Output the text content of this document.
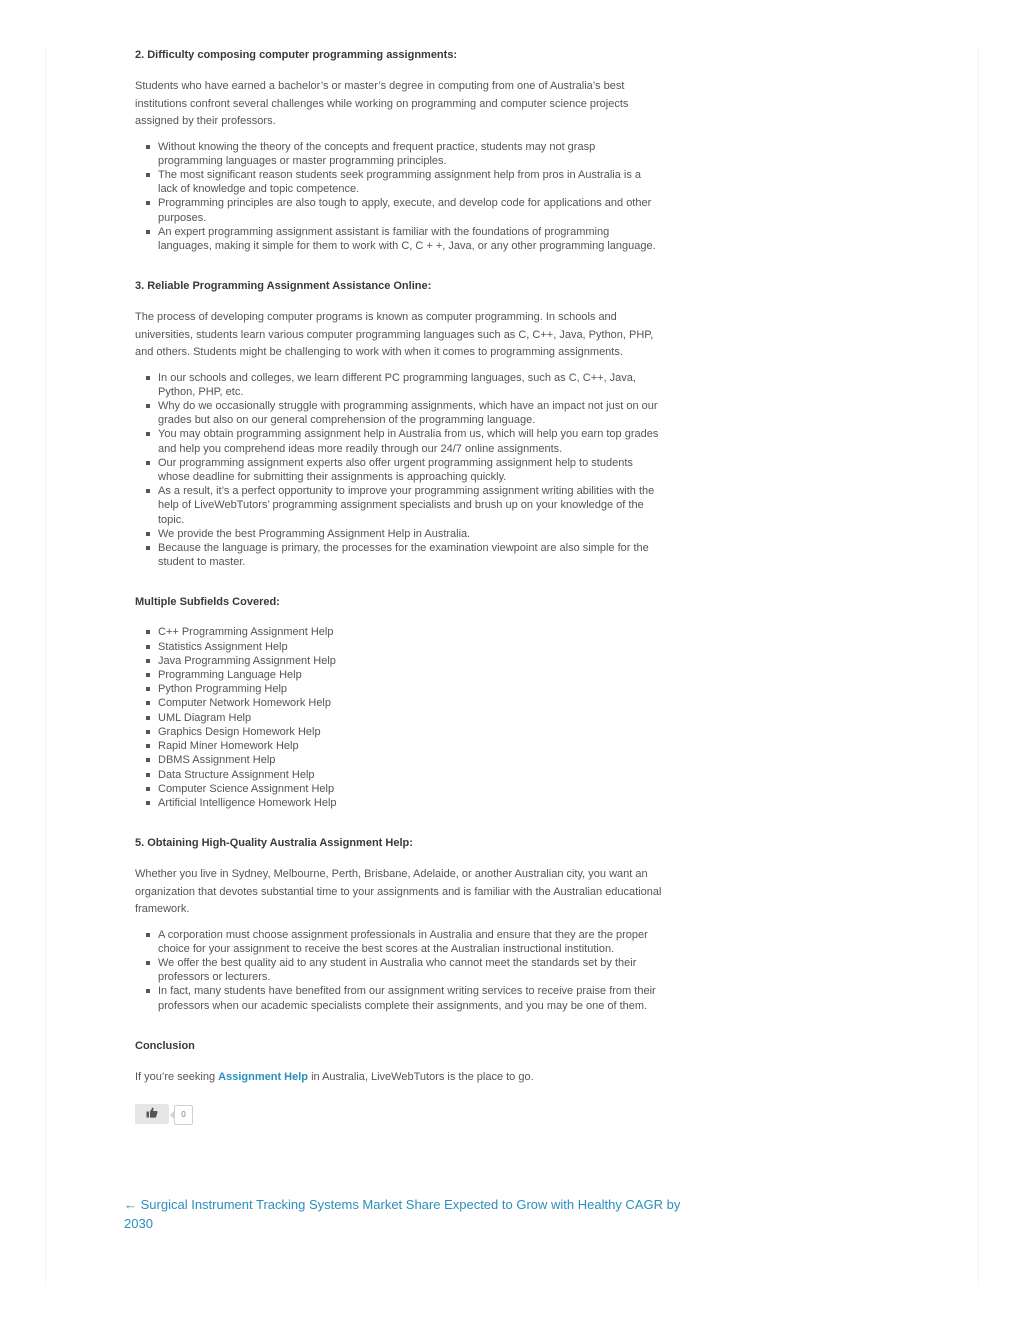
2. Difficulty composing computer programming assignments:

Students who have earned a bachelor’s or master’s degree in computing from one of Australia’s best institutions confront several challenges while working on programming and computer science projects assigned by their professors.

Without knowing the theory of the concepts and frequent practice, students may not grasp programming languages or master programming principles.
The most significant reason students seek programming assignment help from pros in Australia is a lack of knowledge and topic competence.
Programming principles are also tough to apply, execute, and develop code for applications and other purposes.
An expert programming assignment assistant is familiar with the foundations of programming languages, making it simple for them to work with C, C + +, Java, or any other programming language.
3. Reliable Programming Assignment Assistance Online:

The process of developing computer programs is known as computer programming. In schools and universities, students learn various computer programming languages such as C, C++, Java, Python, PHP, and others. Students might be challenging to work with when it comes to programming assignments.

In our schools and colleges, we learn different PC programming languages, such as C, C++, Java, Python, PHP, etc.
Why do we occasionally struggle with programming assignments, which have an impact not just on our grades but also on our general comprehension of the programming language.
You may obtain programming assignment help in Australia from us, which will help you earn top grades and help you comprehend ideas more readily through our 24/7 online assignments.
Our programming assignment experts also offer urgent programming assignment help to students whose deadline for submitting their assignments is approaching quickly.
As a result, it’s a perfect opportunity to improve your programming assignment writing abilities with the help of LiveWebTutors’ programming assignment specialists and brush up on your knowledge of the topic.
We provide the best Programming Assignment Help in Australia.
Because the language is primary, the processes for the examination viewpoint are also simple for the student to master.
Multiple Subfields Covered:
C++ Programming Assignment Help
Statistics Assignment Help
Java Programming Assignment Help
Programming Language Help
Python Programming Help
Computer Network Homework Help
UML Diagram Help
Graphics Design Homework Help
Rapid Miner Homework Help
DBMS Assignment Help
Data Structure Assignment Help
Computer Science Assignment Help
Artificial Intelligence Homework Help
5. Obtaining High-Quality Australia Assignment Help:

Whether you live in Sydney, Melbourne, Perth, Brisbane, Adelaide, or another Australian city, you want an organization that devotes substantial time to your assignments and is familiar with the Australian educational framework.

A corporation must choose assignment professionals in Australia and ensure that they are the proper choice for your assignment to receive the best scores at the Australian instructional institution.
We offer the best quality aid to any student in Australia who cannot meet the standards set by their professors or lecturers.
In fact, many students have benefited from our assignment writing services to receive praise from their professors when our academic specialists complete their assignments, and you may be one of them.
Conclusion

If you’re seeking Assignment Help in Australia, LiveWebTutors is the place to go.

0
← Surgical Instrument Tracking Systems Market Share Expected to Grow with Healthy CAGR by 2030
